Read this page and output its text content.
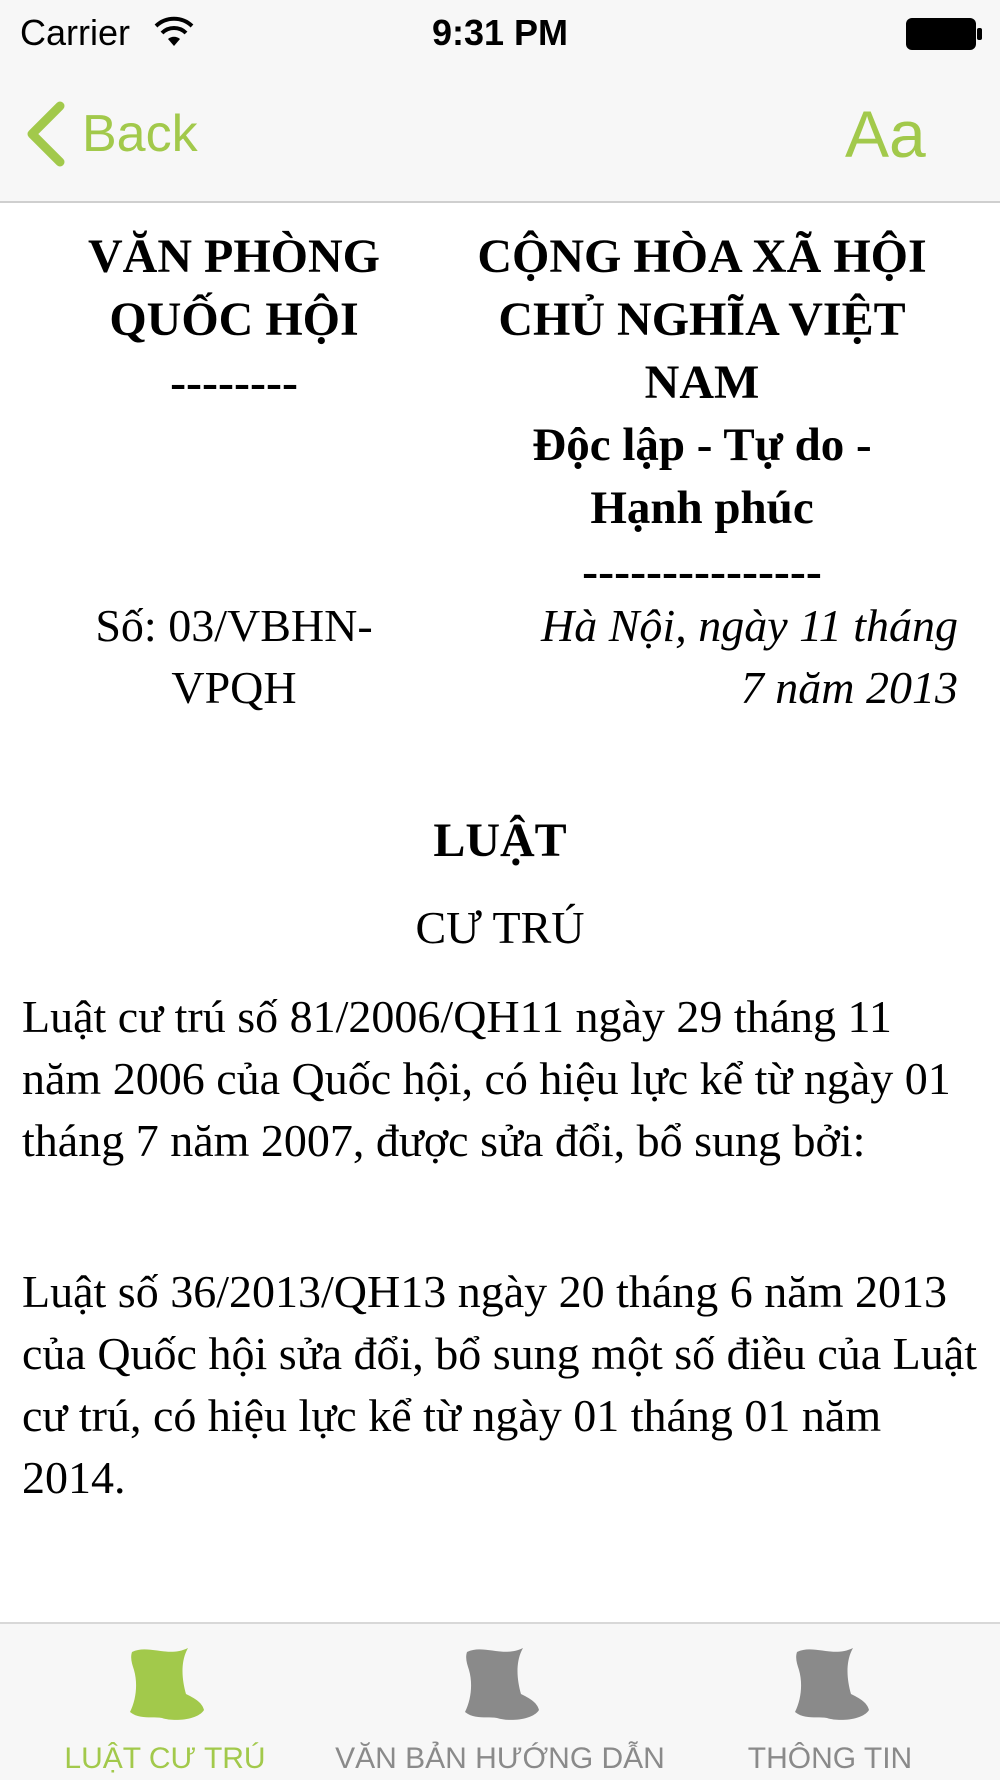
Carrier	9:31 PM
Back	Aa
VĂN PHÒNG
QUỐC HỘI
--------
CỘNG HÒA XÃ HỘI
CHỦ NGHĨA VIỆT
NAM
Độc lập - Tự do -
Hạnh phúc
---------------
Số: 03/VBHN-
VPQH
Hà Nội, ngày 11 tháng
7 năm 2013
LUẬT
CƯ TRÚ

Luật cư trú số 81/2006/QH11 ngày 29 tháng 11 năm 2006 của Quốc hội, có hiệu lực kể từ ngày 01 tháng 7 năm 2007, được sửa đổi, bổ sung bởi:

Luật số 36/2013/QH13 ngày 20 tháng 6 năm 2013 của Quốc hội sửa đổi, bổ sung một số điều của Luật cư trú, có hiệu lực kể từ ngày 01 tháng 01 năm 2014.

LUẬT CƯ TRÚ	VĂN BẢN HƯỚNG DẪN	THÔNG TIN
